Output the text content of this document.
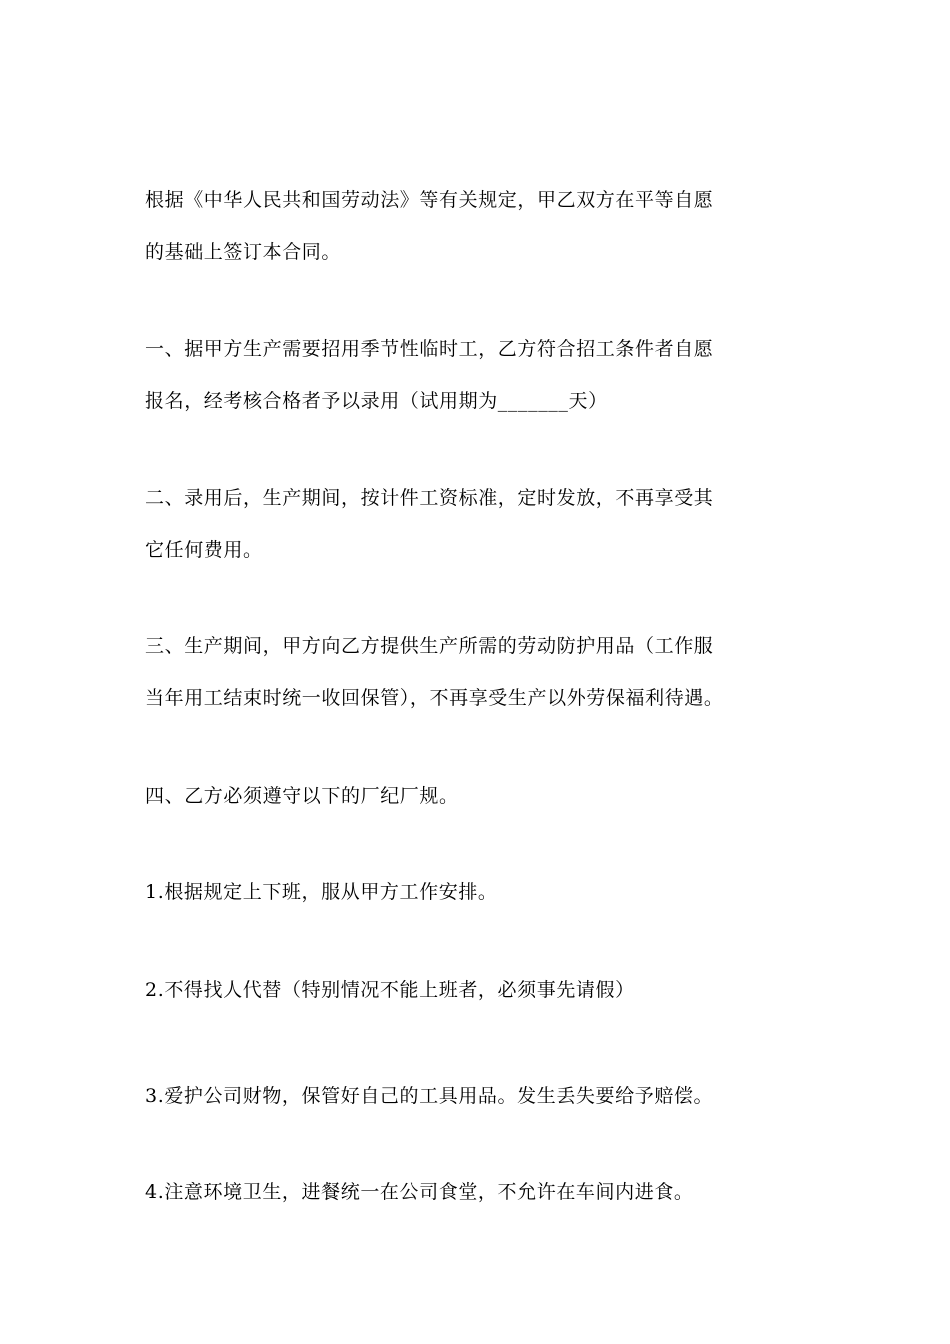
根据《中华人民共和国劳动法》等有关规定，甲乙双方在平等自愿
的基础上签订本合同。

一、据甲方生产需要招用季节性临时工，乙方符合招工条件者自愿
报名，经考核合格者予以录用（试用期为_______天）

二、录用后，生产期间，按计件工资标准，定时发放，不再享受其
它任何费用。

三、生产期间，甲方向乙方提供生产所需的劳动防护用品（工作服
当年用工结束时统一收回保管），不再享受生产以外劳保福利待遇。

四、乙方必须遵守以下的厂纪厂规。

1.根据规定上下班，服从甲方工作安排。

2.不得找人代替（特别情况不能上班者，必须事先请假）

3.爱护公司财物，保管好自己的工具用品。发生丢失要给予赔偿。

4.注意环境卫生，进餐统一在公司食堂，不允许在车间内进食。
